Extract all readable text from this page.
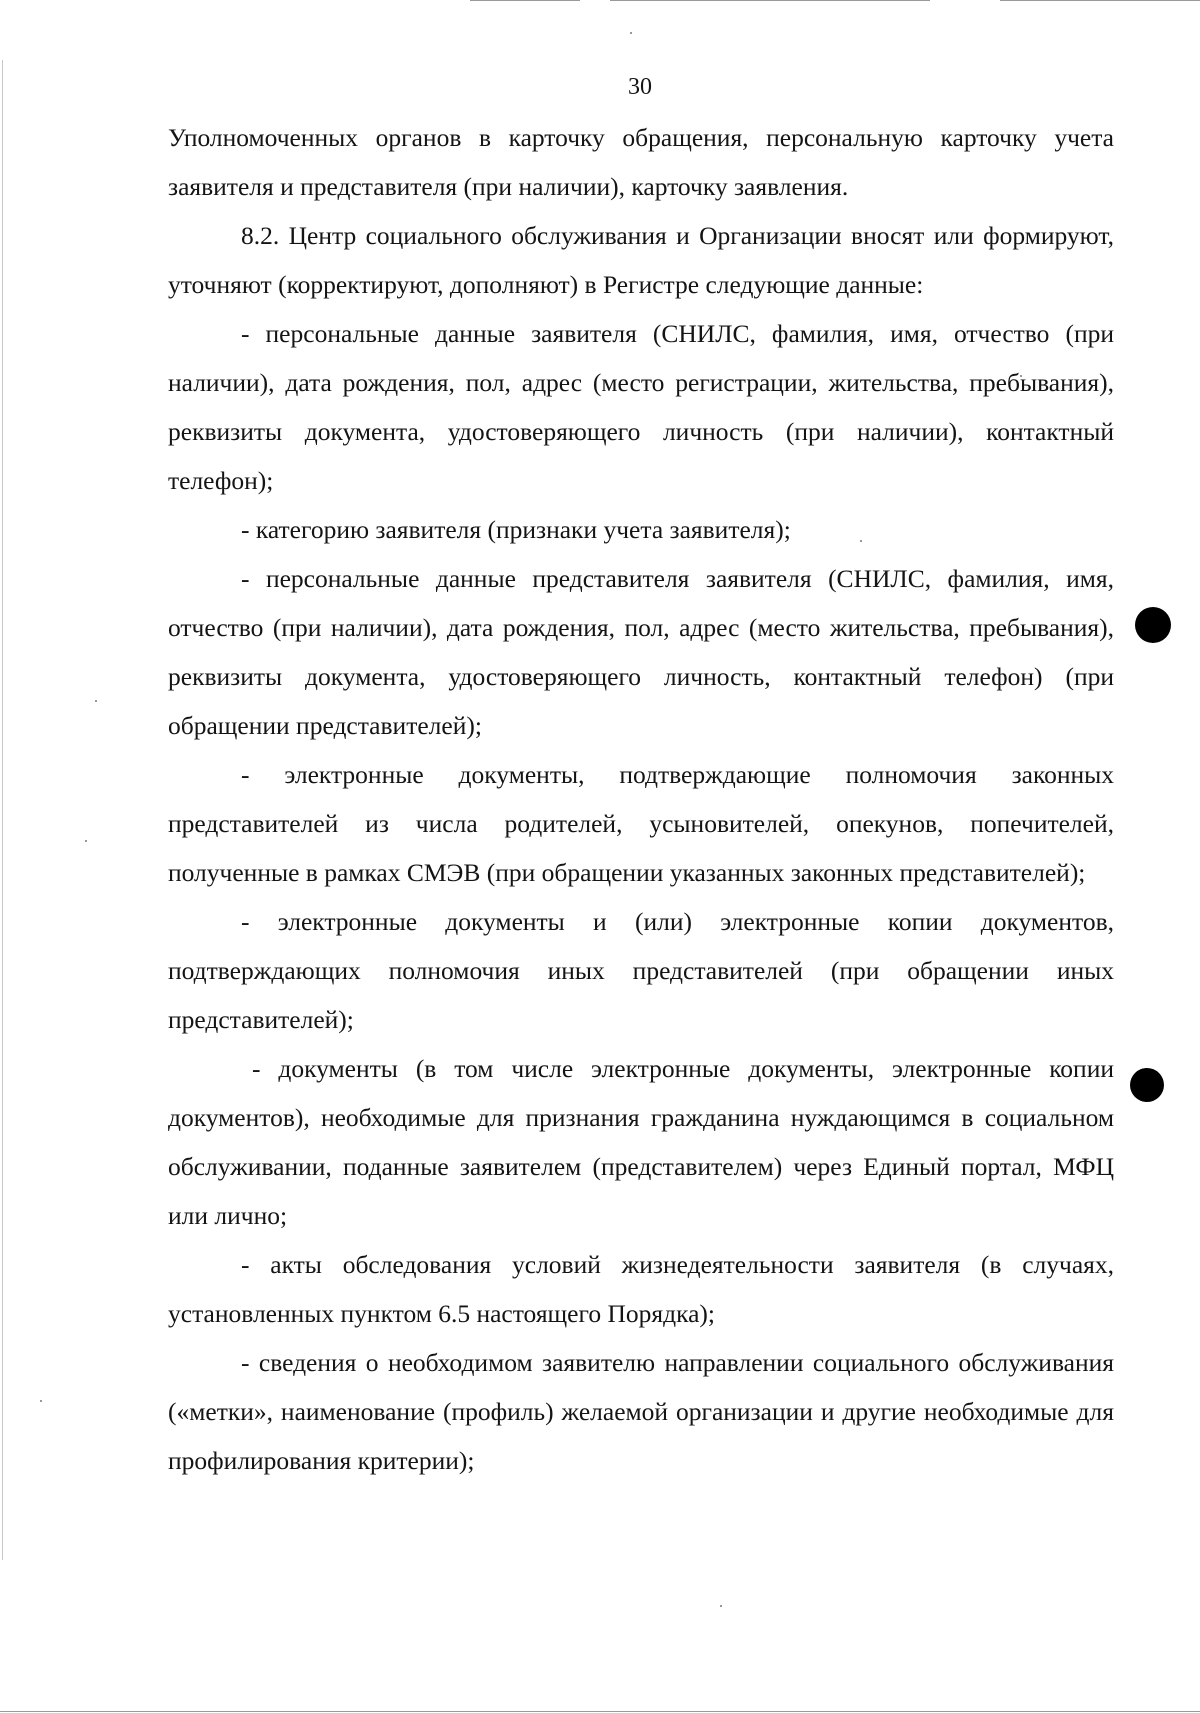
30

Уполномоченных органов в карточку обращения, персональную карточку учета заявителя и представителя (при наличии), карточку заявления.

8.2. Центр социального обслуживания и Организации вносят или формируют, уточняют (корректируют, дополняют) в Регистре следующие данные:

- персональные данные заявителя (СНИЛС, фамилия, имя, отчество (при наличии), дата рождения, пол, адрес (место регистрации, жительства, пребывания), реквизиты документа, удостоверяющего личность (при наличии), контактный телефон);

- категорию заявителя (признаки учета заявителя);

- персональные данные представителя заявителя (СНИЛС, фамилия, имя, отчество (при наличии), дата рождения, пол, адрес (место жительства, пребывания), реквизиты документа, удостоверяющего личность, контактный телефон) (при обращении представителей);

- электронные документы, подтверждающие полномочия законных представителей из числа родителей, усыновителей, опекунов, попечителей, полученные в рамках СМЭВ (при обращении указанных законных представителей);

- электронные документы и (или) электронные копии документов, подтверждающих полномочия иных представителей (при обращении иных представителей);

- документы (в том числе электронные документы, электронные копии документов), необходимые для признания гражданина нуждающимся в социальном обслуживании, поданные заявителем (представителем) через Единый портал, МФЦ или лично;

- акты обследования условий жизнедеятельности заявителя (в случаях, установленных пунктом 6.5 настоящего Порядка);

- сведения о необходимом заявителю направлении социального обслуживания («метки», наименование (профиль) желаемой организации и другие необходимые для профилирования критерии);
